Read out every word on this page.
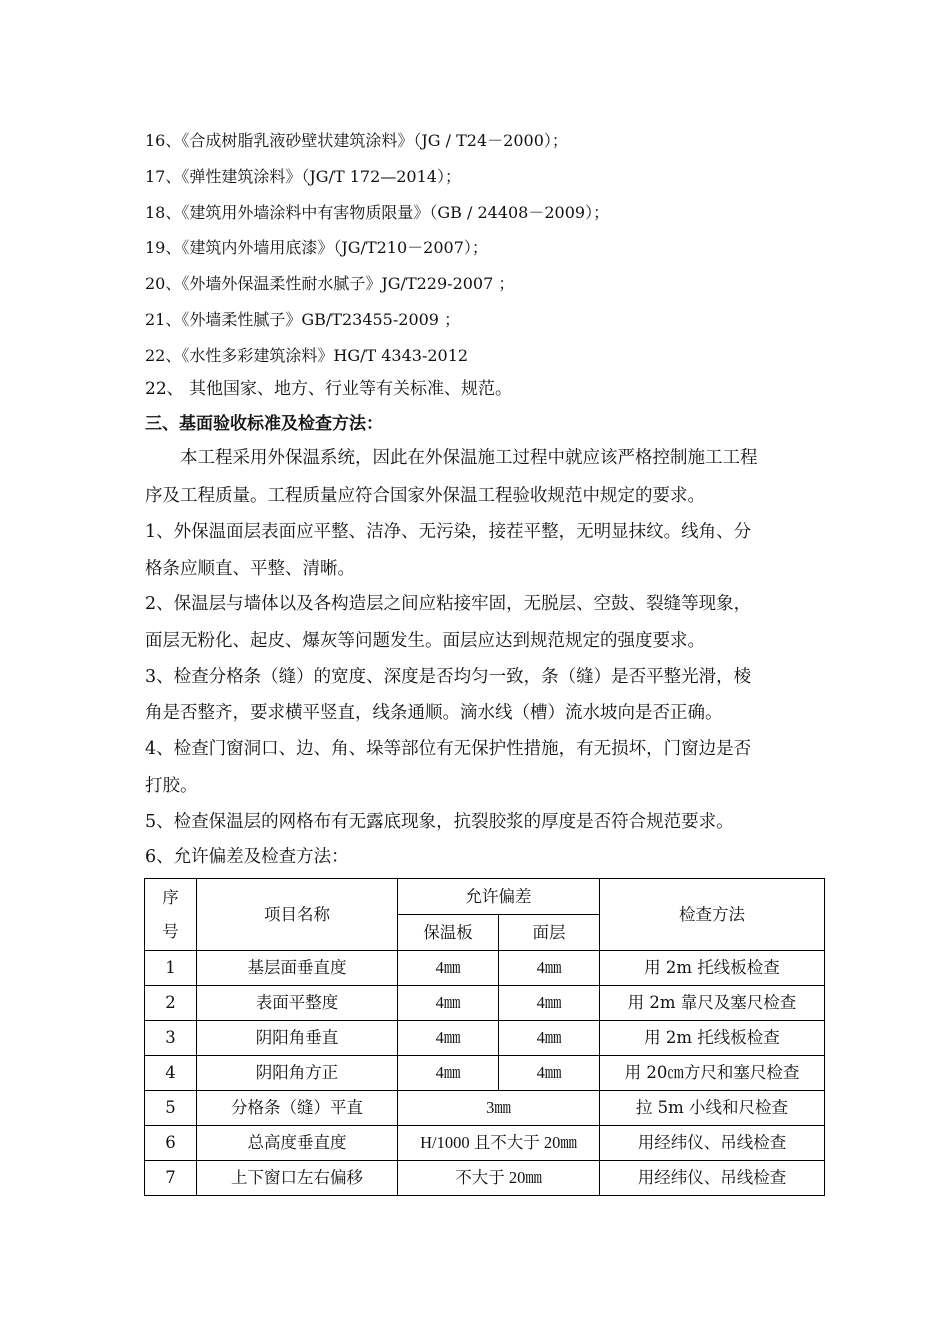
16、《合成树脂乳液砂壁状建筑涂料》（JG / T24－2000）；
17、《弹性建筑涂料》（JG/T 172—2014）；
18、《建筑用外墙涂料中有害物质限量》（GB / 24408－2009）；
19、《建筑内外墙用底漆》（JG/T210－2007）；
20、《外墙外保温柔性耐水腻子》JG/T229-2007 ；
21、《外墙柔性腻子》GB/T23455-2009 ；
22、《水性多彩建筑涂料》HG/T 4343-2012
22、 其他国家、地方、行业等有关标准、规范。
三、基面验收标准及检查方法：
本工程采用外保温系统，因此在外保温施工过程中就应该严格控制施工工程
序及工程质量。工程质量应符合国家外保温工程验收规范中规定的要求。
1、外保温面层表面应平整、洁净、无污染，接茬平整，无明显抹纹。线角、分
格条应顺直、平整、清晰。
2、保温层与墙体以及各构造层之间应粘接牢固，无脱层、空鼓、裂缝等现象，
面层无粉化、起皮、爆灰等问题发生。面层应达到规范规定的强度要求。
3、检查分格条（缝）的宽度、深度是否均匀一致，条（缝）是否平整光滑，棱
角是否整齐，要求横平竖直，线条通顺。滴水线（槽）流水坡向是否正确。
4、检查门窗洞口、边、角、垛等部位有无保护性措施，有无损坏，门窗边是否
打胶。
5、检查保温层的网格布有无露底现象，抗裂胶浆的厚度是否符合规范要求。
6、允许偏差及检查方法：
序
号	项目名称	允许偏差		检查方法
		保温板	面层	
1	基层面垂直度	4㎜	4㎜	用 2m 托线板检查
2	表面平整度	4㎜	4㎜	用 2m 靠尺及塞尺检查
3	阴阳角垂直	4㎜	4㎜	用 2m 托线板检查
4	阴阳角方正	4㎜	4㎜	用 20㎝方尺和塞尺检查
5	分格条（缝）平直	3㎜		拉 5m 小线和尺检查
6	总高度垂直度	H/1000 且不大于 20㎜		用经纬仪、吊线检查
7	上下窗口左右偏移	不大于 20㎜		用经纬仪、吊线检查
